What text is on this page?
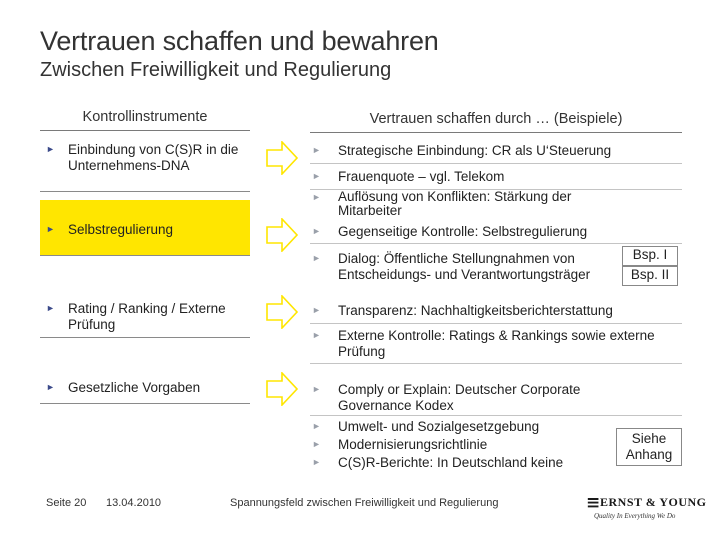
Vertrauen schaffen und bewahren
Zwischen Freiwilligkeit und Regulierung
Kontrollinstrumente	Vertrauen schaffen durch … (Beispiele)
► Einbindung von C(S)R in die Unternehmens-DNA
► Selbstregulierung
► Rating / Ranking / Externe Prüfung
► Gesetzliche Vorgaben
► Strategische Einbindung: CR als U‘Steuerung
► Frauenquote – vgl. Telekom
► Auflösung von Konflikten: Stärkung der Mitarbeiter
► Gegenseitige Kontrolle: Selbstregulierung
► Dialog: Öffentliche Stellungnahmen von Entscheidungs- und Verantwortungsträger
Bsp. I
Bsp. II
► Transparenz: Nachhaltigkeitsberichterstattung
► Externe Kontrolle: Ratings & Rankings sowie externe Prüfung
► Comply or Explain: Deutscher Corporate Governance Kodex
► Umwelt- und Sozialgesetzgebung
► Modernisierungsrichtlinie
► C(S)R-Berichte: In Deutschland keine
Siehe
Anhang
Seite 20 13.04.2010	Spannungsfeld zwischen Freiwilligkeit und Regulierung	≡ ERNST & YOUNG
Quality In Everything We Do
